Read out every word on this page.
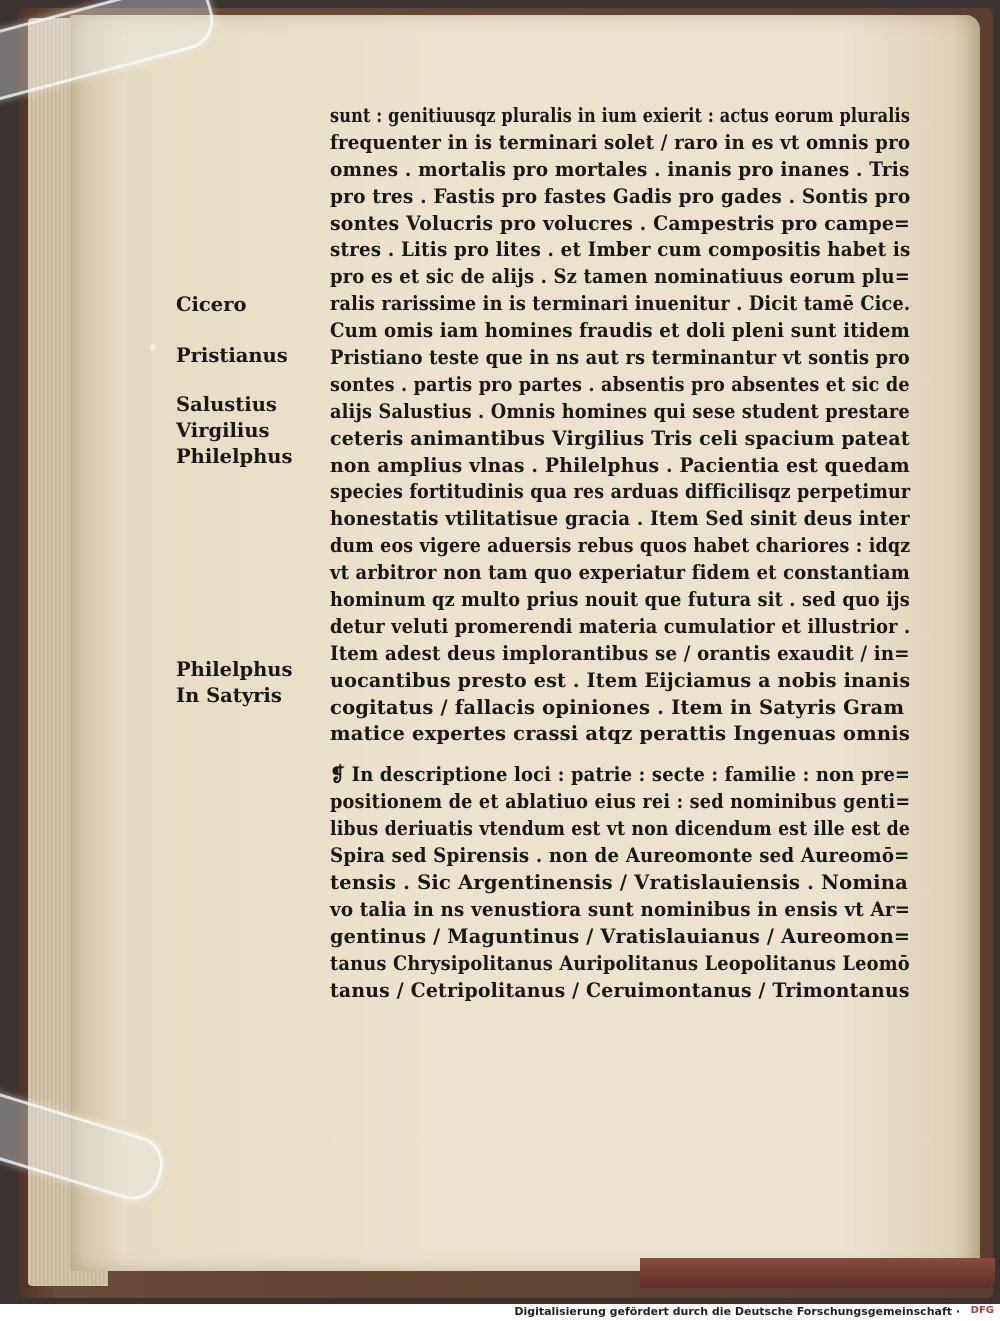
Cicero
Pristianus
Salustius
Virgilius
Philelphus
Philelphus
In Satyris
sunt : genitiuusqz pluralis in ium exierit : actus eorum pluralis
frequenter in is terminari solet / raro in es vt omnis pro
omnes . mortalis pro mortales . inanis pro inanes . Tris
pro tres . Fastis pro fastes Gadis pro gades . Sontis pro
sontes Volucris pro volucres . Campestris pro campe=
stres . Litis pro lites . et Imber cum compositis habet is
pro es et sic de alijs . Sz tamen nominatiuus eorum plu=
ralis rarissime in is terminari inuenitur . Dicit tamē Cice.
Cum omis iam homines fraudis et doli pleni sunt itidem
Pristiano teste que in ns aut rs terminantur vt sontis pro
sontes . partis pro partes . absentis pro absentes et sic de
alijs Salustius . Omnis homines qui sese student prestare
ceteris animantibus Virgilius Tris celi spacium pateat
non amplius vlnas . Philelphus . Pacientia est quedam
species fortitudinis qua res arduas difficilisqz perpetimur
honestatis vtilitatisue gracia . Item Sed sinit deus inter
dum eos vigere aduersis rebus quos habet chariores : idqz
vt arbitror non tam quo experiatur fidem et constantiam
hominum qz multo prius nouit que futura sit . sed quo ijs
detur veluti promerendi materia cumulatior et illustrior .
Item adest deus implorantibus se / orantis exaudit / in=
uocantibus presto est . Item Eijciamus a nobis inanis
cogitatus / fallacis opiniones . Item in Satyris Gram
matice expertes crassi atqz perattis Ingenuas omnis
❡ In descriptione loci : patrie : secte : familie : non pre=
positionem de et ablatiuo eius rei : sed nominibus genti=
libus deriuatis vtendum est vt non dicendum est ille est de
Spira sed Spirensis . non de Aureomonte sed Aureomō=
tensis . Sic Argentinensis / Vratislauiensis . Nomina
vo talia in ns venustiora sunt nominibus in ensis vt Ar=
gentinus / Maguntinus / Vratislauianus / Aureomon=
tanus Chrysipolitanus Auripolitanus Leopolitanus Leomō
tanus / Cetripolitanus / Ceruimontanus / Trimontanus
Digitalisierung gefördert durch die Deutsche Forschungsgemeinschaft · DFG
